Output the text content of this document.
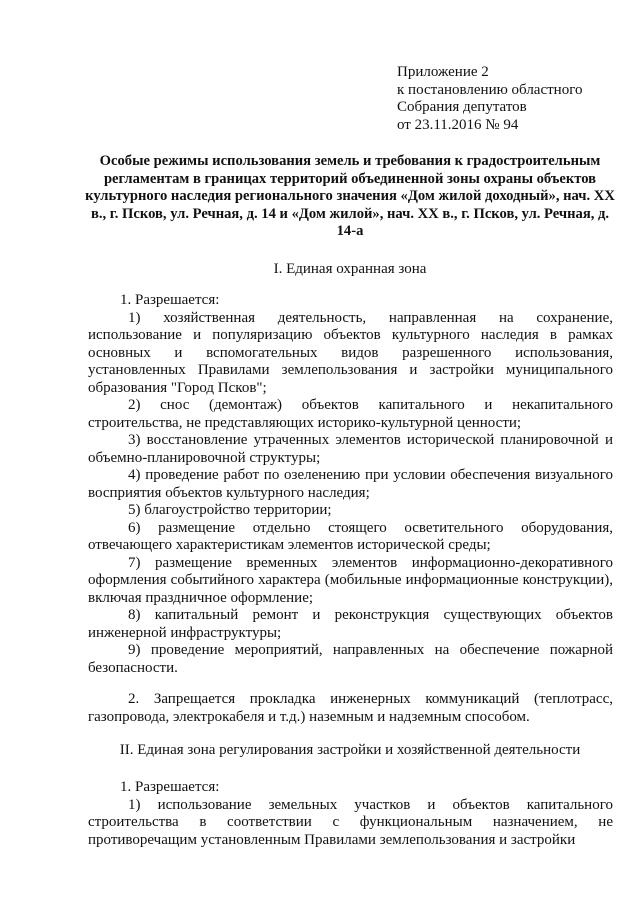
Приложение 2
к постановлению областного
Собрания депутатов
от 23.11.2016 № 94
Особые режимы использования земель и требования к градостроительным регламентам в границах территорий объединенной зоны охраны объектов культурного наследия регионального значения «Дом жилой доходный», нач. XX в., г. Псков, ул. Речная, д. 14 и «Дом жилой», нач. XX в., г. Псков, ул. Речная, д. 14-а
I. Единая охранная зона

1. Разрешается:

1) хозяйственная деятельность, направленная на сохранение, использование и популяризацию объектов культурного наследия в рамках основных и вспомогательных видов разрешенного использования, установленных Правилами землепользования и застройки муниципального образования "Город Псков";

2) снос (демонтаж) объектов капитального и некапитального строительства, не представляющих историко-культурной ценности;

3) восстановление утраченных элементов исторической планировочной и объемно-планировочной структуры;

4) проведение работ по озеленению при условии обеспечения визуального восприятия объектов культурного наследия;

5) благоустройство территории;

6) размещение отдельно стоящего осветительного оборудования, отвечающего характеристикам элементов исторической среды;

7) размещение временных элементов информационно-декоративного оформления событийного характера (мобильные информационные конструкции), включая праздничное оформление;

8) капитальный ремонт и реконструкция существующих объектов инженерной инфраструктуры;

9) проведение мероприятий, направленных на обеспечение пожарной безопасности.

2. Запрещается прокладка инженерных коммуникаций (теплотрасс, газопровода, электрокабеля и т.д.) наземным и надземным способом.

II. Единая зона регулирования застройки и хозяйственной деятельности

1. Разрешается:

1) использование земельных участков и объектов капитального строительства в соответствии с функциональным назначением, не противоречащим установленным Правилами землепользования и застройки
